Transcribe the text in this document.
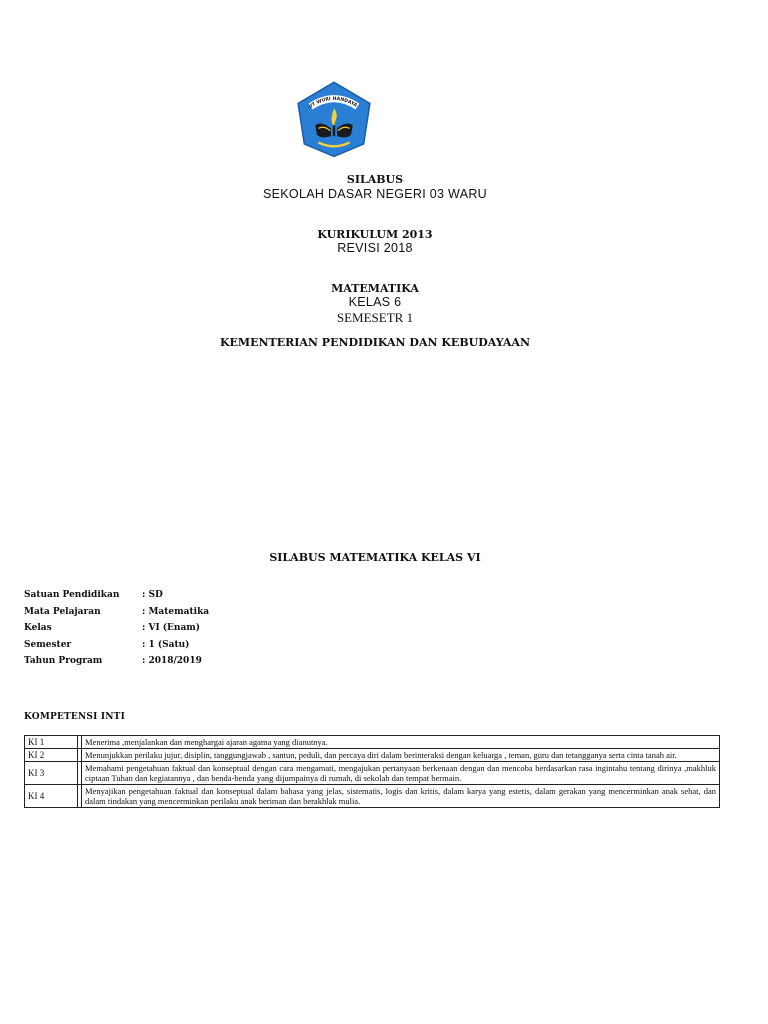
UT WURI HANDAYA
SILABUS
SEKOLAH DASAR NEGERI 03 WARU
KURIKULUM 2013
REVISI 2018
MATEMATIKA
KELAS 6
SEMESETR 1
KEMENTERIAN PENDIDIKAN DAN KEBUDAYAAN
SILABUS MATEMATIKA KELAS VI
Satuan Pendidikan	: SD
Mata Pelajaran	: Matematika
Kelas	: VI (Enam)
Semester	: 1 (Satu)
Tahun Program	: 2018/2019
KOMPETENSI INTI
KI 1		Menerima ,menjalankan dan menghargai ajaran agama yang dianutnya.
KI 2		Menunjukkan perilaku jujur, disiplin, tanggungjawab , santun, peduli, dan percaya diri dalam berinteraksi dengan keluarga , teman, guru dan tetangganya serta cinta tanah air.
KI 3		Memahami pengetahuan faktual dan konseptual dengan cara mengamati, mengajukan pertanyaan berkenaan dengan dan mencoba berdasarkan rasa ingintahu tentang dirinya ,makhluk ciptaan Tuhan dan kegiatannya , dan benda-benda yang dijumpainya di rumah, di sekolah dan tempat bermain.
KI 4		Menyajikan pengetahuan faktual dan konseptual dalam bahasa yang jelas, sistematis, logis dan kritis, dalam karya yang estetis, dalam gerakan yang mencerminkan anak sehat, dan dalam tindakan yang mencerminkan perilaku anak beriman dan berakhlak mulia.
